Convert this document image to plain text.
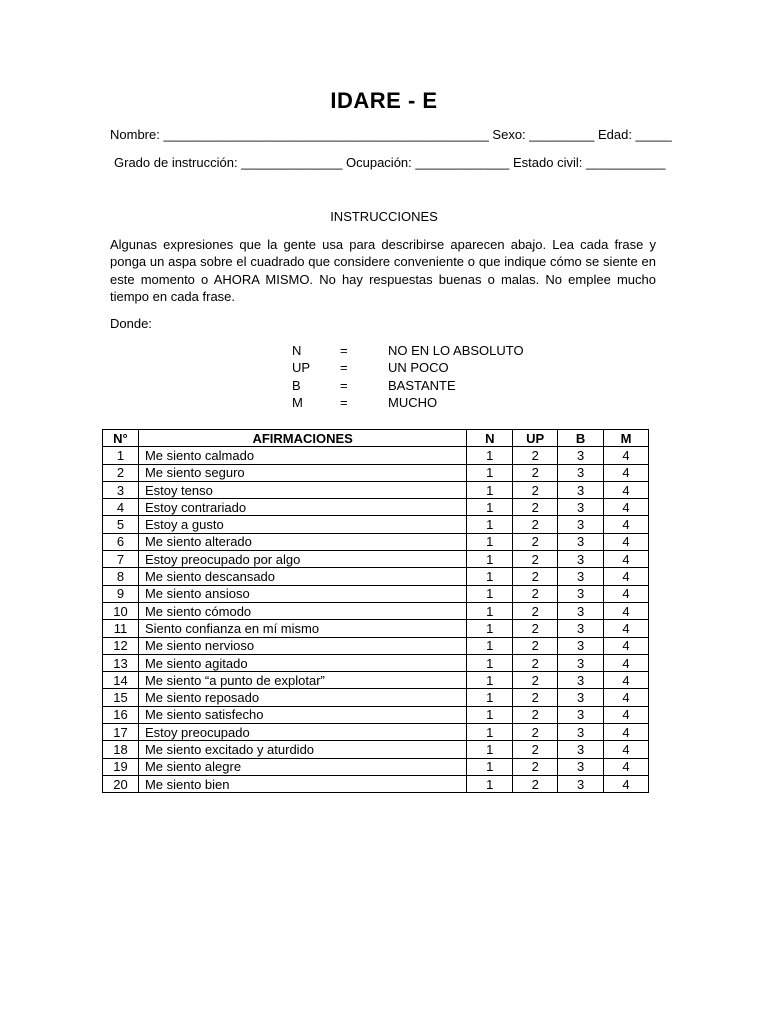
IDARE - E
Nombre: _____________________________________________ Sexo: _________ Edad: _____
Grado de instrucción: ______________ Ocupación: _____________ Estado civil: ___________
INSTRUCCIONES
Algunas expresiones que la gente usa para describirse aparecen abajo. Lea cada frase y ponga un aspa sobre el cuadrado que considere conveniente o que indique cómo se siente en este momento o AHORA MISMO. No hay respuestas buenas o malas. No emplee mucho tiempo en cada frase.
Donde:
N	=	NO EN LO ABSOLUTO
UP	=	UN POCO
B	=	BASTANTE
M	=	MUCHO
N°	AFIRMACIONES	N	UP	B	M
1	Me siento calmado	1	2	3	4
2	Me siento seguro	1	2	3	4
3	Estoy tenso	1	2	3	4
4	Estoy contrariado	1	2	3	4
5	Estoy a gusto	1	2	3	4
6	Me siento alterado	1	2	3	4
7	Estoy preocupado por algo	1	2	3	4
8	Me siento descansado	1	2	3	4
9	Me siento ansioso	1	2	3	4
10	Me siento cómodo	1	2	3	4
11	Siento confianza en mí mismo	1	2	3	4
12	Me siento nervioso	1	2	3	4
13	Me siento agitado	1	2	3	4
14	Me siento “a punto de explotar”	1	2	3	4
15	Me siento reposado	1	2	3	4
16	Me siento satisfecho	1	2	3	4
17	Estoy preocupado	1	2	3	4
18	Me siento excitado y aturdido	1	2	3	4
19	Me siento alegre	1	2	3	4
20	Me siento bien	1	2	3	4
